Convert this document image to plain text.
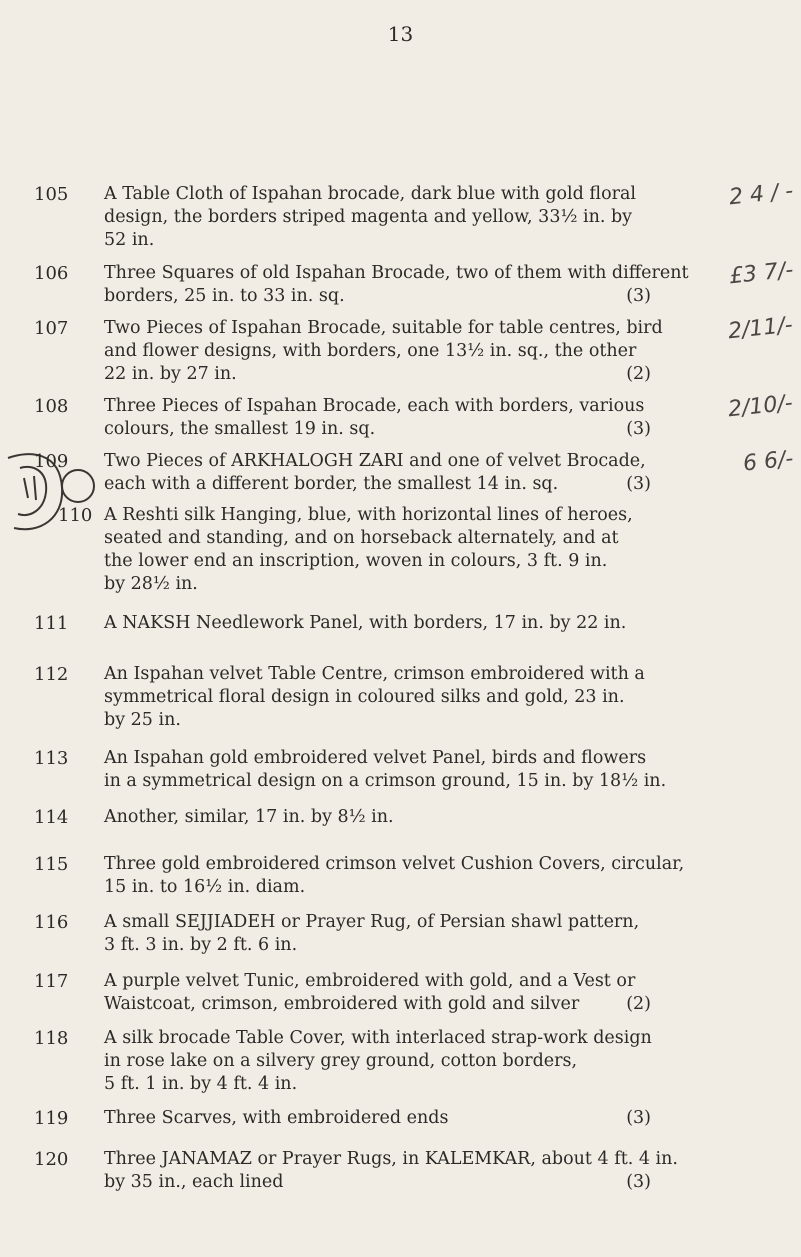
13
105	A Table Cloth of Ispahan brocade, dark blue with gold floral
design, the borders striped magenta and yellow, 33½ in. by
52 in.
2 4 / -
106	Three Squares of old Ispahan Brocade, two of them with different
borders, 25 in. to 33 in. sq.	(3)
£3 7/-
107	Two Pieces of Ispahan Brocade, suitable for table centres, bird
and flower designs, with borders, one 13½ in. sq., the other
22 in. by 27 in.	(2)
2/11/-
108	Three Pieces of Ispahan Brocade, each with borders, various
colours, the smallest 19 in. sq.	(3)
2/10/-
109	Two Pieces of ARKHALOGH ZARI and one of velvet Brocade,
each with a different border, the smallest 14 in. sq.	(3)
6 6/-
110 A Reshti silk Hanging, blue, with horizontal lines of heroes,
seated and standing, and on horseback alternately, and at
the lower end an inscription, woven in colours, 3 ft. 9 in.
by 28½ in.
111	A NAKSH Needlework Panel, with borders, 17 in. by 22 in.
112	An Ispahan velvet Table Centre, crimson embroidered with a
symmetrical floral design in coloured silks and gold, 23 in.
by 25 in.
113	An Ispahan gold embroidered velvet Panel, birds and flowers
in a symmetrical design on a crimson ground, 15 in. by 18½ in.
114	Another, similar, 17 in. by 8½ in.
115	Three gold embroidered crimson velvet Cushion Covers, circular,
15 in. to 16½ in. diam.
116	A small SEJJIADEH or Prayer Rug, of Persian shawl pattern,
3 ft. 3 in. by 2 ft. 6 in.
117	A purple velvet Tunic, embroidered with gold, and a Vest or
Waistcoat, crimson, embroidered with gold and silver	(2)
118	A silk brocade Table Cover, with interlaced strap-work design
in rose lake on a silvery grey ground, cotton borders,
5 ft. 1 in. by 4 ft. 4 in.
119	Three Scarves, with embroidered ends	(3)
120	Three JANAMAZ or Prayer Rugs, in KALEMKAR, about 4 ft. 4 in.
by 35 in., each lined	(3)
